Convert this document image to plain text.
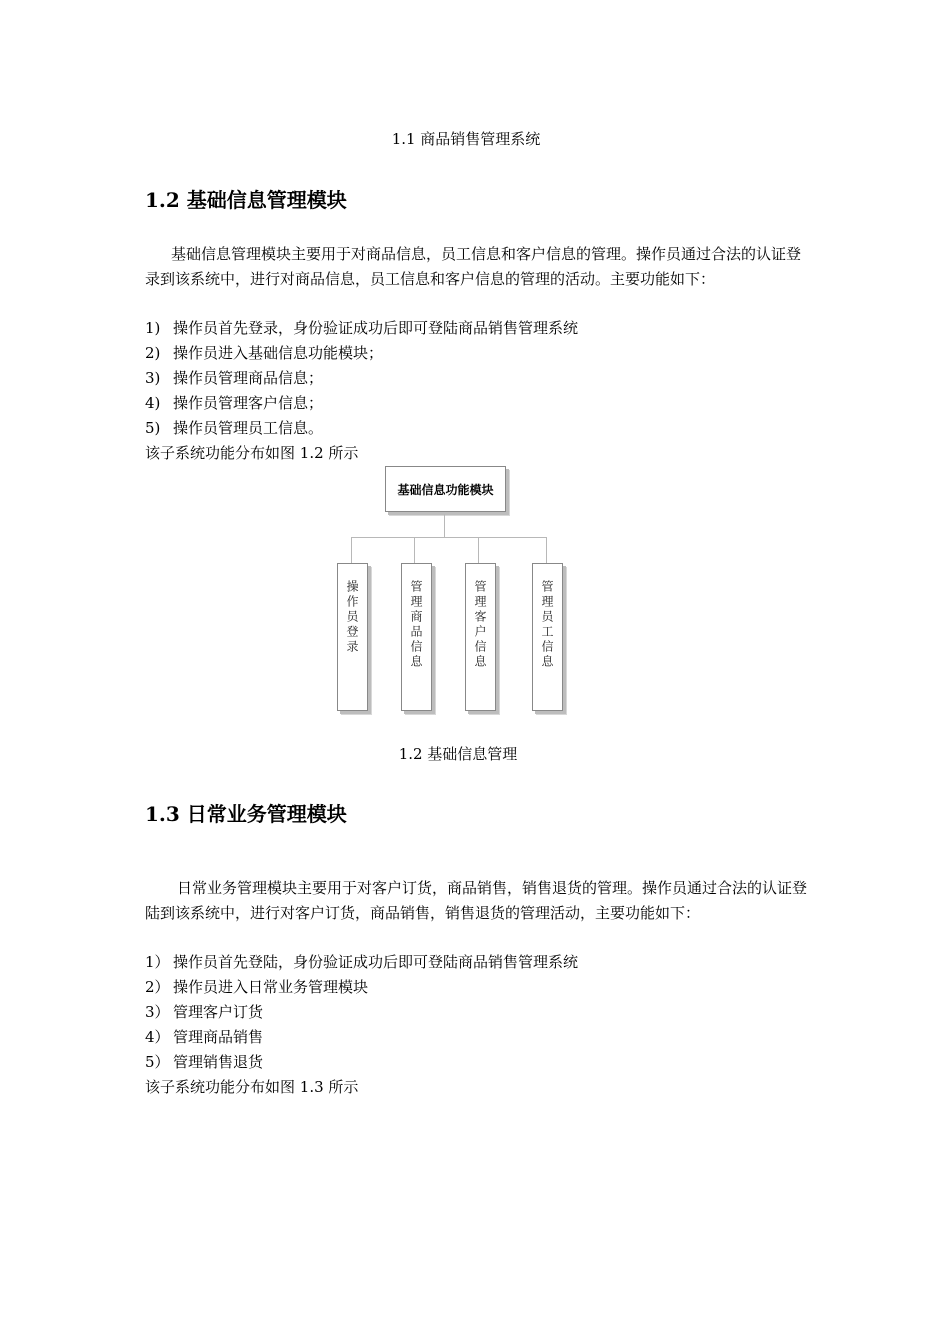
1.1 商品销售管理系统
1.2 基础信息管理模块

基础信息管理模块主要用于对商品信息，员工信息和客户信息的管理。操作员通过合法的认证登录到该系统中，进行对商品信息，员工信息和客户信息的管理的活动。主要功能如下：

1) 操作员首先登录，身份验证成功后即可登陆商品销售管理系统
2) 操作员进入基础信息功能模块；
3) 操作员管理商品信息；
4) 操作员管理客户信息；
5) 操作员管理员工信息。
该子系统功能分布如图 1.2 所示
基础信息功能模块
操作员登录	管理商品信息	管理客户信息	管理员工信息
1.2 基础信息管理
1.3 日常业务管理模块

日常业务管理模块主要用于对客户订货，商品销售，销售退货的管理。操作员通过合法的认证登陆到该系统中，进行对客户订货，商品销售，销售退货的管理活动，主要功能如下：

1） 操作员首先登陆，身份验证成功后即可登陆商品销售管理系统
2） 操作员进入日常业务管理模块
3） 管理客户订货
4） 管理商品销售
5） 管理销售退货
该子系统功能分布如图 1.3 所示
